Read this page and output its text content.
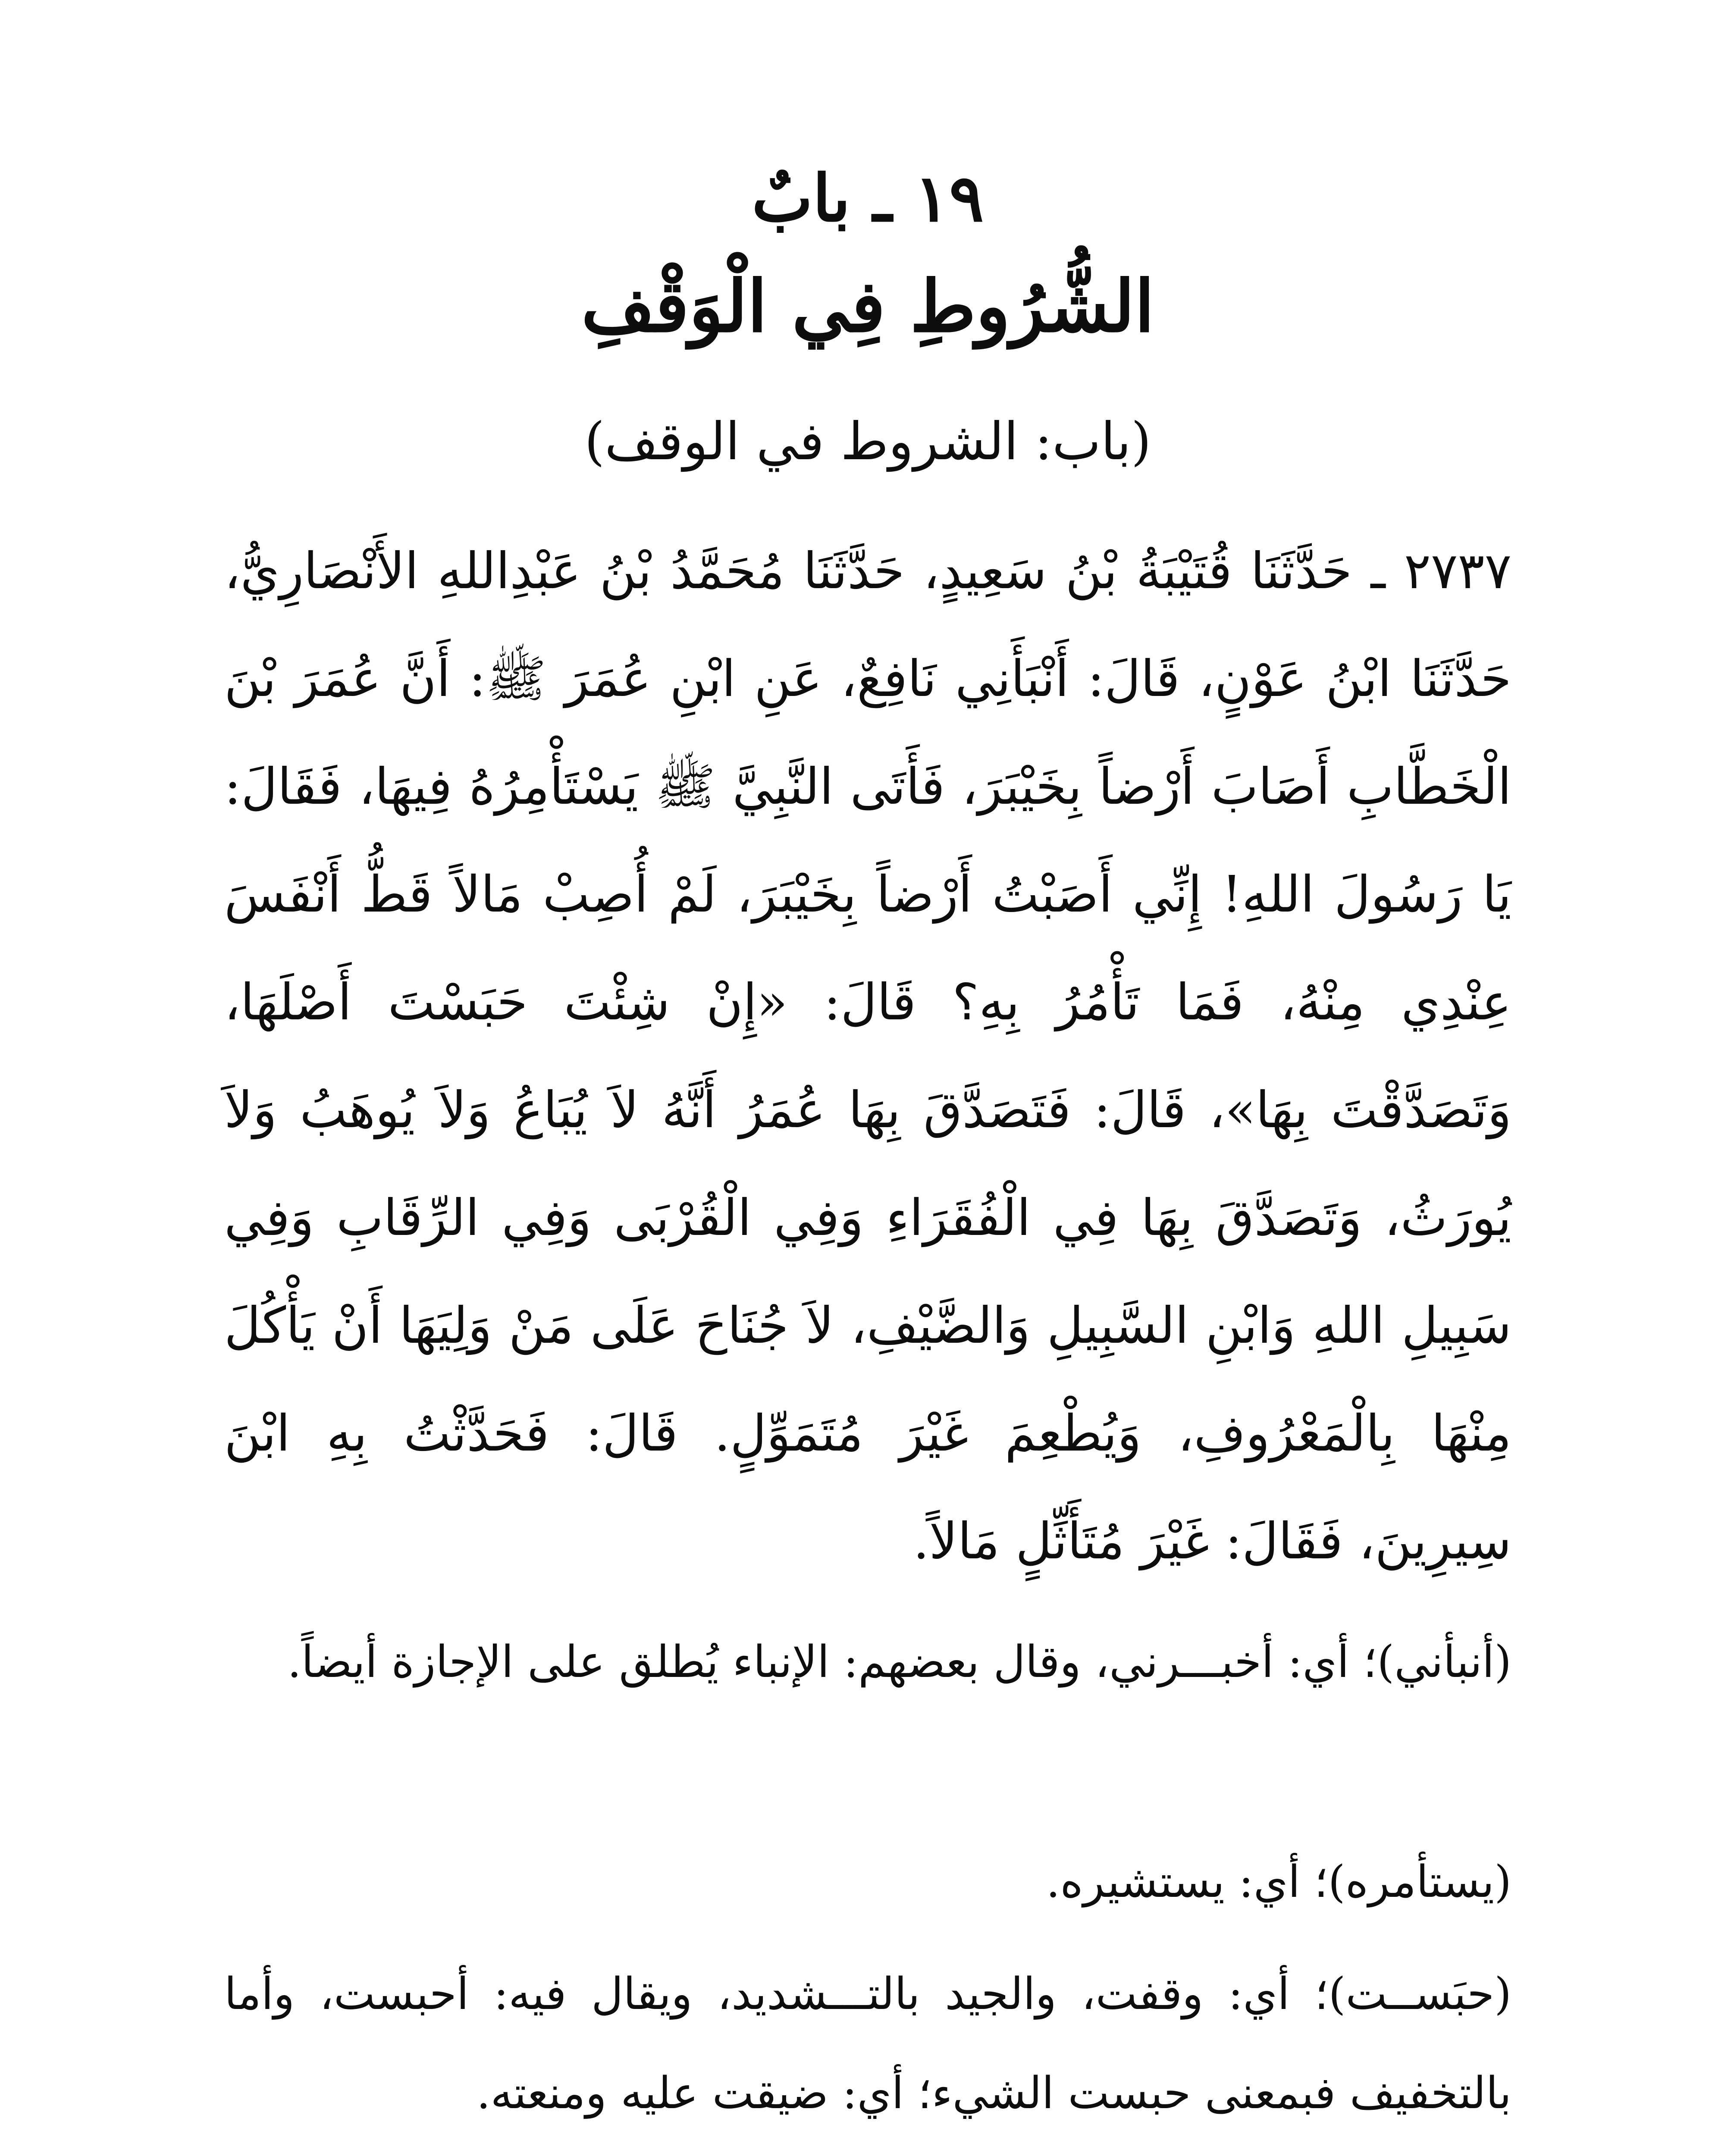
١٩ ـ بابٌ
الشُّرُوطِ فِي الْوَقْفِ
(باب: الشروط في الوقف)
٢٧٣٧ ـ حَدَّثَنَا قُتَيْبَةُ بْنُ سَعِيدٍ، حَدَّثَنَا مُحَمَّدُ بْنُ عَبْدِاللهِ الأَنْصَارِيُّ، حَدَّثَنَا ابْنُ عَوْنٍ، قَالَ: أَنْبَأَنِي نَافِعٌ، عَنِ ابْنِ عُمَرَ ﷺ: أَنَّ عُمَرَ بْنَ الْخَطَّابِ أَصَابَ أَرْضاً بِخَيْبَرَ، فَأَتَى النَّبِيَّ ﷺ يَسْتَأْمِرُهُ فِيهَا، فَقَالَ: يَا رَسُولَ اللهِ! إِنِّي أَصَبْتُ أَرْضاً بِخَيْبَرَ، لَمْ أُصِبْ مَالاً قَطُّ أَنْفَسَ عِنْدِي مِنْهُ، فَمَا تَأْمُرُ بِهِ؟ قَالَ: «إِنْ شِئْتَ حَبَسْتَ أَصْلَهَا، وَتَصَدَّقْتَ بِهَا»، قَالَ: فَتَصَدَّقَ بِهَا عُمَرُ أَنَّهُ لاَ يُبَاعُ وَلاَ يُوهَبُ وَلاَ يُورَثُ، وَتَصَدَّقَ بِهَا فِي الْفُقَرَاءِ وَفِي الْقُرْبَى وَفِي الرِّقَابِ وَفِي سَبِيلِ اللهِ وَابْنِ السَّبِيلِ وَالضَّيْفِ، لاَ جُنَاحَ عَلَى مَنْ وَلِيَهَا أَنْ يَأْكُلَ مِنْهَا بِالْمَعْرُوفِ، وَيُطْعِمَ غَيْرَ مُتَمَوِّلٍ. قَالَ: فَحَدَّثْتُ بِهِ ابْنَ سِيرِينَ، فَقَالَ: غَيْرَ مُتَأَثِّلٍ مَالاً.
(أنبأني)؛ أي: أخبـــرني، وقال بعضهم: الإنباء يُطلق على الإجازة أيضاً.
(يستأمره)؛ أي: يستشيره.
(حبَســت)؛ أي: وقفت، والجيد بالتـــشديد، ويقال فيه: أحبست، وأما بالتخفيف فبمعنى حبست الشيء؛ أي: ضيقت عليه ومنعته.
